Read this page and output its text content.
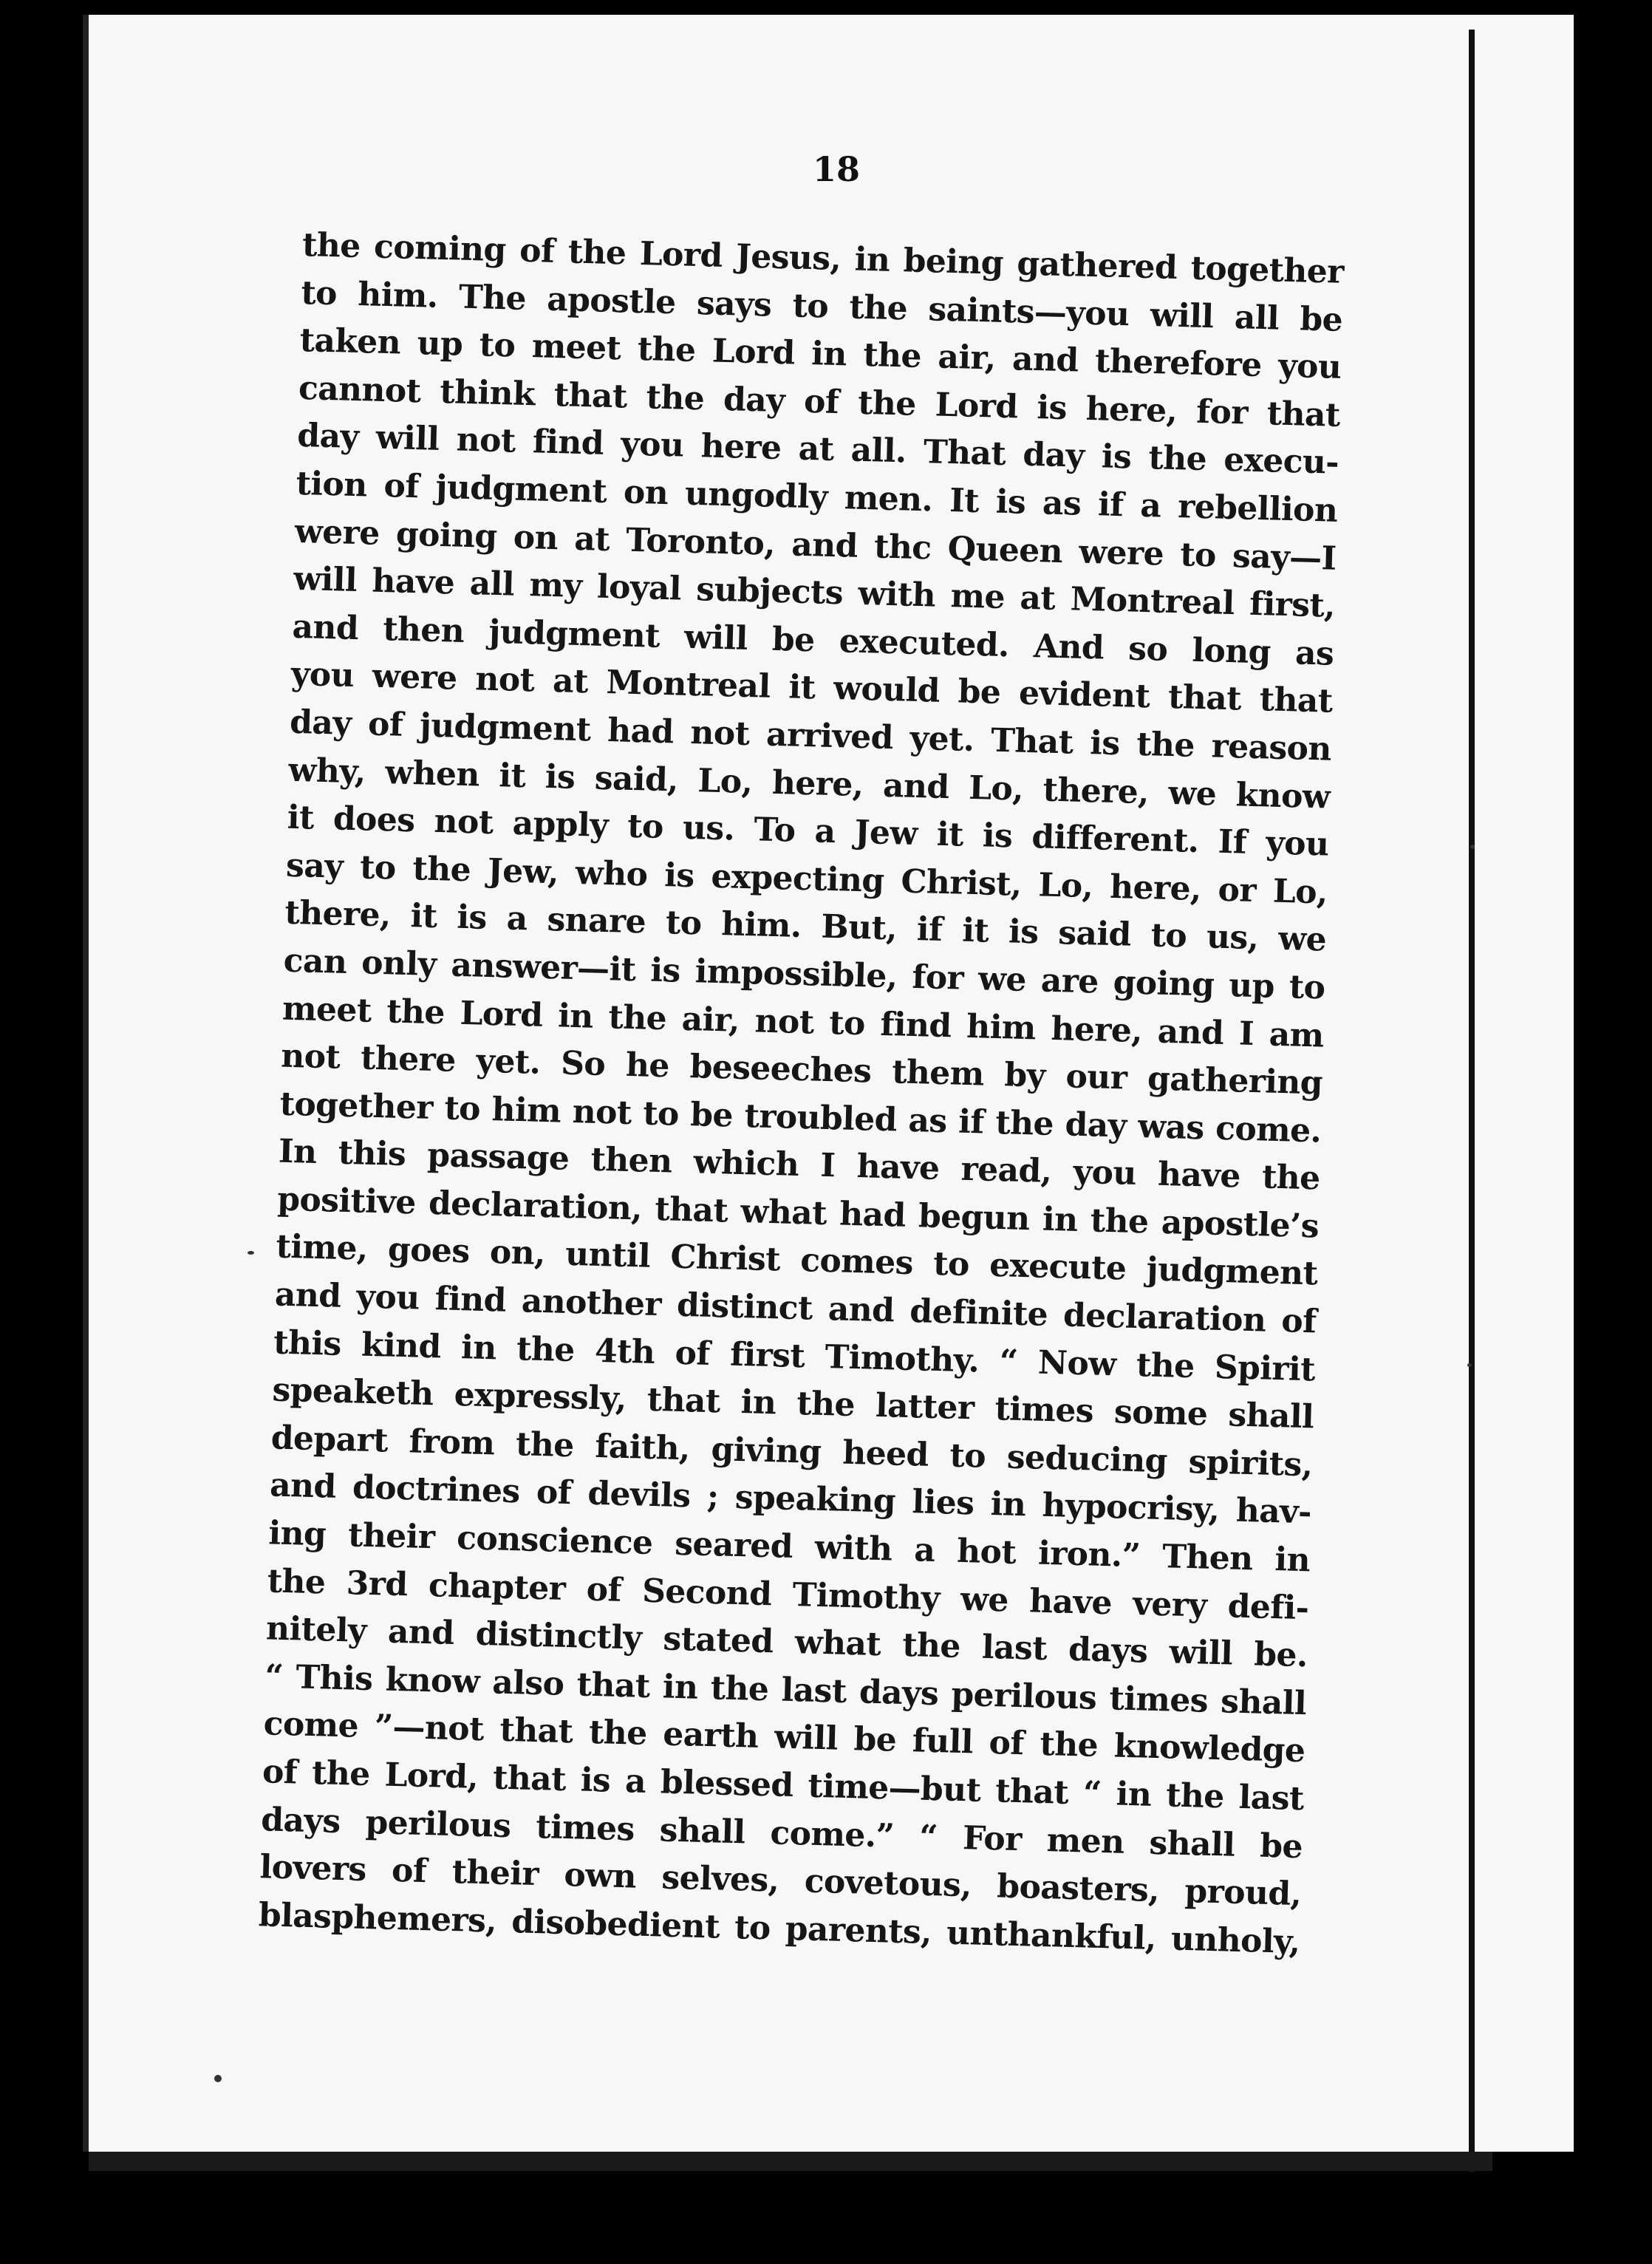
18
the coming of the Lord Jesus, in being gathered together
to him. The apostle says to the saints—you will all be
taken up to meet the Lord in the air, and therefore you
cannot think that the day of the Lord is here, for that
day will not find you here at all. That day is the execu-
tion of judgment on ungodly men. It is as if a rebellion
were going on at Toronto, and thc Queen were to say—I
will have all my loyal subjects with me at Montreal first,
and then judgment will be executed. And so long as
you were not at Montreal it would be evident that that
day of judgment had not arrived yet. That is the reason
why, when it is said, Lo, here, and Lo, there, we know
it does not apply to us. To a Jew it is different. If you
say to the Jew, who is expecting Christ, Lo, here, or Lo,
there, it is a snare to him. But, if it is said to us, we
can only answer—it is impossible, for we are going up to
meet the Lord in the air, not to find him here, and I am
not there yet. So he beseeches them by our gathering
together to him not to be troubled as if the day was come.
In this passage then which I have read, you have the
positive declaration, that what had begun in the apostle’s
time, goes on, until Christ comes to execute judgment
and you find another distinct and definite declaration of
this kind in the 4th of first Timothy. “ Now the Spirit
speaketh expressly, that in the latter times some shall
depart from the faith, giving heed to seducing spirits,
and doctrines of devils ; speaking lies in hypocrisy, hav-
ing their conscience seared with a hot iron.” Then in
the 3rd chapter of Second Timothy we have very defi-
nitely and distinctly stated what the last days will be.
“ This know also that in the last days perilous times shall
come ”—not that the earth will be full of the knowledge
of the Lord, that is a blessed time—but that “ in the last
days perilous times shall come.” “ For men shall be
lovers of their own selves, covetous, boasters, proud,
blasphemers, disobedient to parents, unthankful, unholy,
